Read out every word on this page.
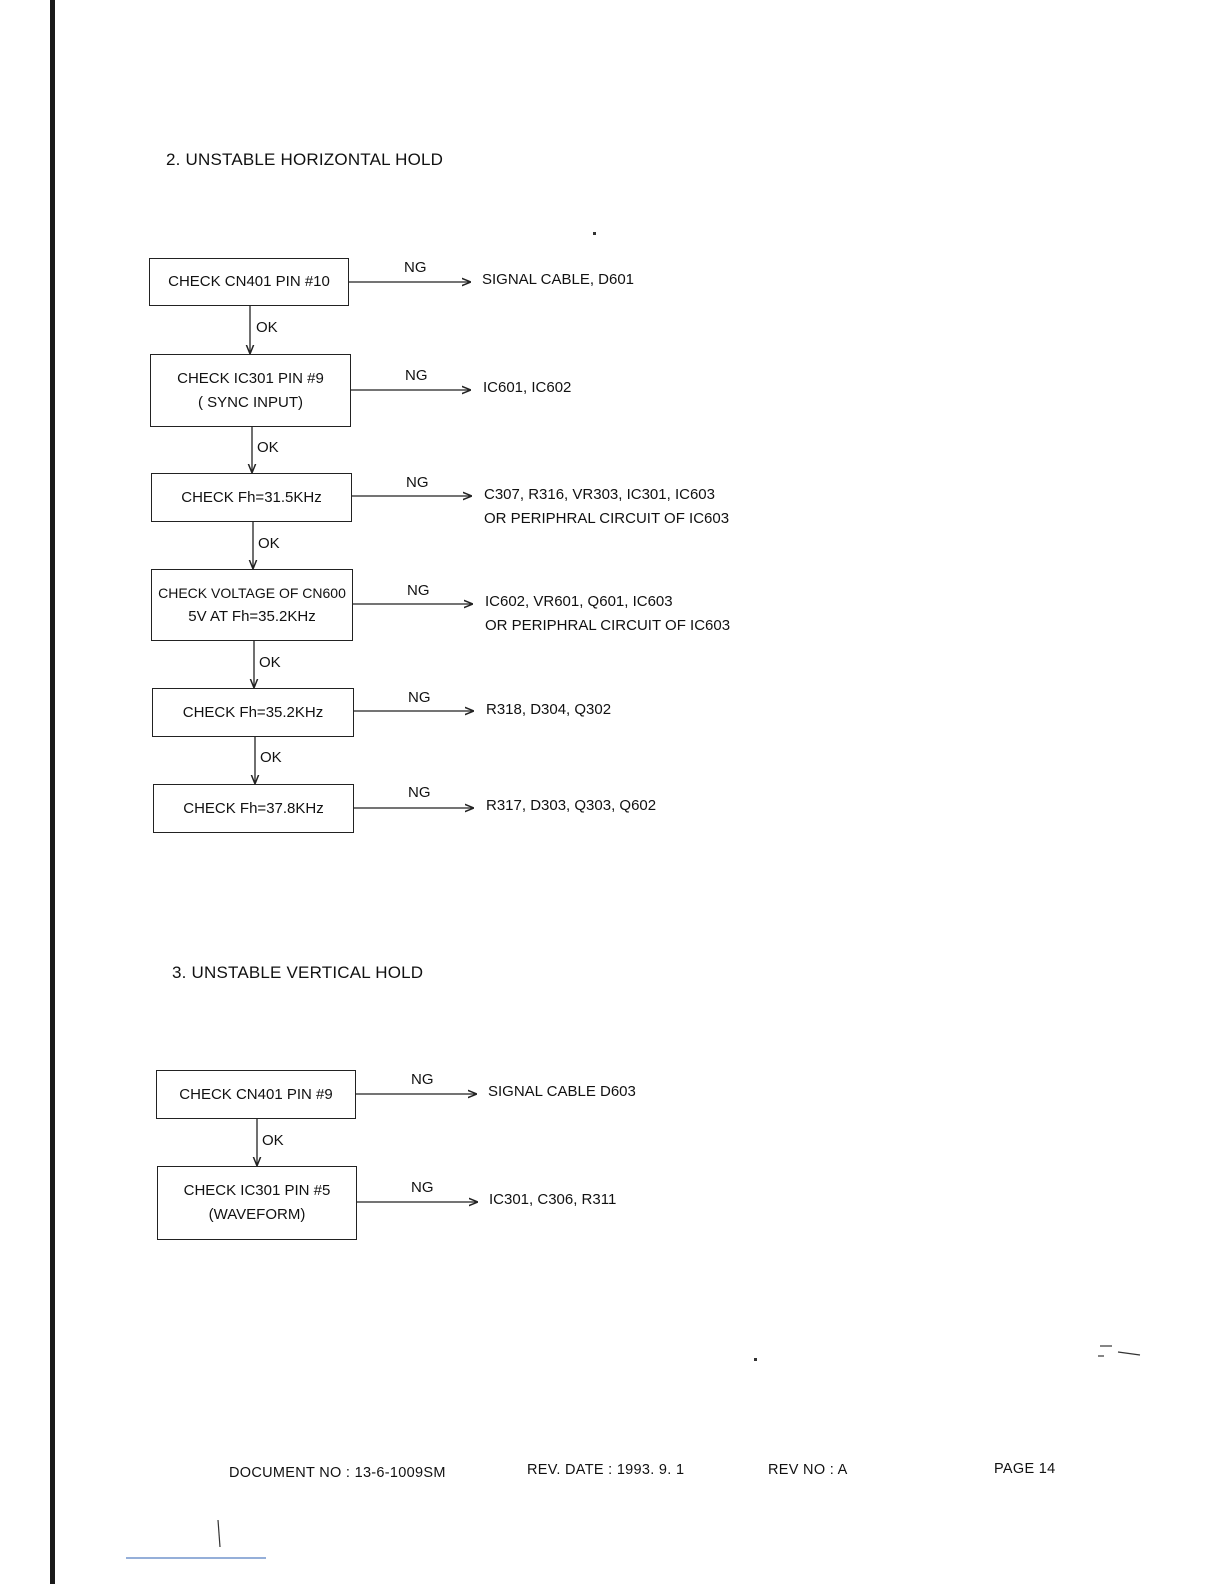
2. UNSTABLE HORIZONTAL HOLD
CHECK CN401 PIN #10
NG
SIGNAL CABLE, D601
OK
CHECK IC301 PIN #9
( SYNC INPUT)
NG
IC601, IC602
OK
CHECK Fh=31.5KHz
NG
C307, R316, VR303, IC301, IC603
OR PERIPHRAL CIRCUIT OF IC603
OK
CHECK VOLTAGE OF CN600
5V AT Fh=35.2KHz
NG
IC602, VR601, Q601, IC603
OR PERIPHRAL CIRCUIT OF IC603
OK
CHECK Fh=35.2KHz
NG
R318, D304, Q302
OK
CHECK Fh=37.8KHz
NG
R317, D303, Q303, Q602
3. UNSTABLE VERTICAL HOLD
CHECK CN401 PIN #9
NG
SIGNAL CABLE D603
OK
CHECK IC301 PIN #5
(WAVEFORM)
NG
IC301, C306, R311
DOCUMENT NO : 13-6-1009SM	REV. DATE : 1993. 9. 1	REV NO : A	PAGE 14
